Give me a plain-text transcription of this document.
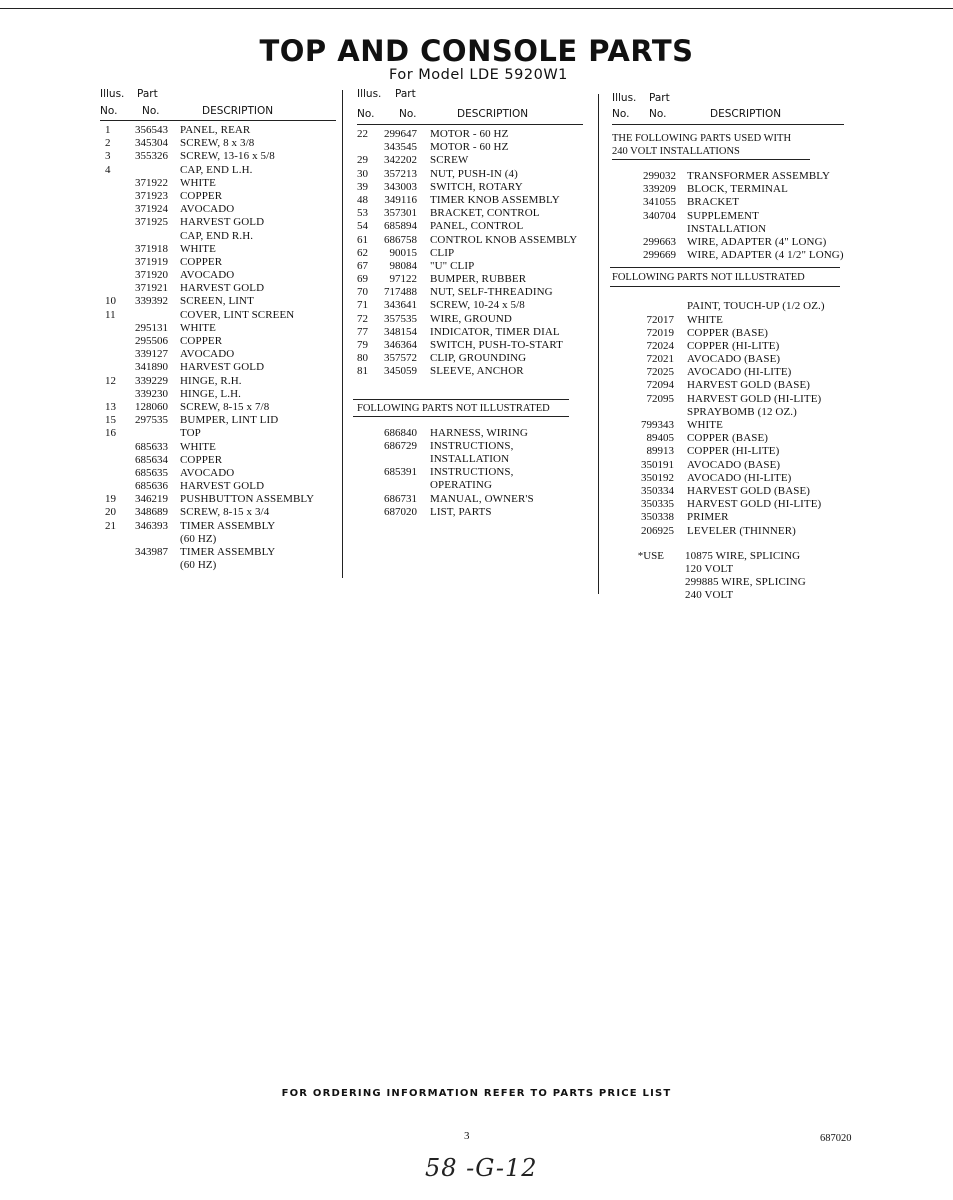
TOP AND CONSOLE PARTS
For Model LDE 5920W1
Illus. Part
No. No.	DESCRIPTION
1	356543 PANEL, REAR
2	345304 SCREW, 8 x 3/8
3	355326 SCREW, 13-16 x 5/8
4	CAP, END L.H.
371922 WHITE
371923 COPPER
371924 AVOCADO
371925 HARVEST GOLD
CAP, END R.H.
371918 WHITE
371919 COPPER
371920 AVOCADO
371921 HARVEST GOLD
10	339392 SCREEN, LINT
11	COVER, LINT SCREEN
295131 WHITE
295506 COPPER
339127 AVOCADO
341890 HARVEST GOLD
12	339229 HINGE, R.H.
339230 HINGE, L.H.
13	128060 SCREW, 8-15 x 7/8
15	297535 BUMPER, LINT LID
16	TOP
685633 WHITE
685634 COPPER
685635 AVOCADO
685636 HARVEST GOLD
19	346219 PUSHBUTTON ASSEMBLY
20	348689 SCREW, 8-15 x 3/4
21	346393 TIMER ASSEMBLY
(60 HZ)
343987 TIMER ASSEMBLY
(60 HZ)
Illus. Part
No. No.	DESCRIPTION
22	299647 MOTOR - 60 HZ
343545 MOTOR - 60 HZ
29	342202 SCREW
30	357213 NUT, PUSH-IN (4)
39	343003 SWITCH, ROTARY
48	349116 TIMER KNOB ASSEMBLY
53	357301 BRACKET, CONTROL
54	685894 PANEL, CONTROL
61	686758 CONTROL KNOB ASSEMBLY
62	90015 CLIP
67	98084 "U" CLIP
69	97122 BUMPER, RUBBER
70	717488 NUT, SELF-THREADING
71	343641 SCREW, 10-24 x 5/8
72	357535 WIRE, GROUND
77	348154 INDICATOR, TIMER DIAL
79	346364 SWITCH, PUSH-TO-START
80	357572 CLIP, GROUNDING
81	345059 SLEEVE, ANCHOR
FOLLOWING PARTS NOT ILLUSTRATED
686840 HARNESS, WIRING
686729 INSTRUCTIONS,
INSTALLATION
685391 INSTRUCTIONS,
OPERATING
686731 MANUAL, OWNER'S
687020 LIST, PARTS
Illus. Part
No. No.	DESCRIPTION
THE FOLLOWING PARTS USED WITH
240 VOLT INSTALLATIONS
299032 TRANSFORMER ASSEMBLY
339209 BLOCK, TERMINAL
341055 BRACKET
340704 SUPPLEMENT
INSTALLATION
299663 WIRE, ADAPTER (4" LONG)
299669 WIRE, ADAPTER (4 1/2" LONG)
FOLLOWING PARTS NOT ILLUSTRATED
PAINT, TOUCH-UP (1/2 OZ.)
72017 WHITE
72019 COPPER (BASE)
72024 COPPER (HI-LITE)
72021 AVOCADO (BASE)
72025 AVOCADO (HI-LITE)
72094 HARVEST GOLD (BASE)
72095 HARVEST GOLD (HI-LITE)
SPRAYBOMB (12 OZ.)
799343 WHITE
89405 COPPER (BASE)
89913 COPPER (HI-LITE)
350191 AVOCADO (BASE)
350192 AVOCADO (HI-LITE)
350334 HARVEST GOLD (BASE)
350335 HARVEST GOLD (HI-LITE)
350338 PRIMER
206925 LEVELER (THINNER)
*USE 10875 WIRE, SPLICING
120 VOLT
299885 WIRE, SPLICING
240 VOLT
FOR ORDERING INFORMATION REFER TO PARTS PRICE LIST
3	687020
58 -G-12
